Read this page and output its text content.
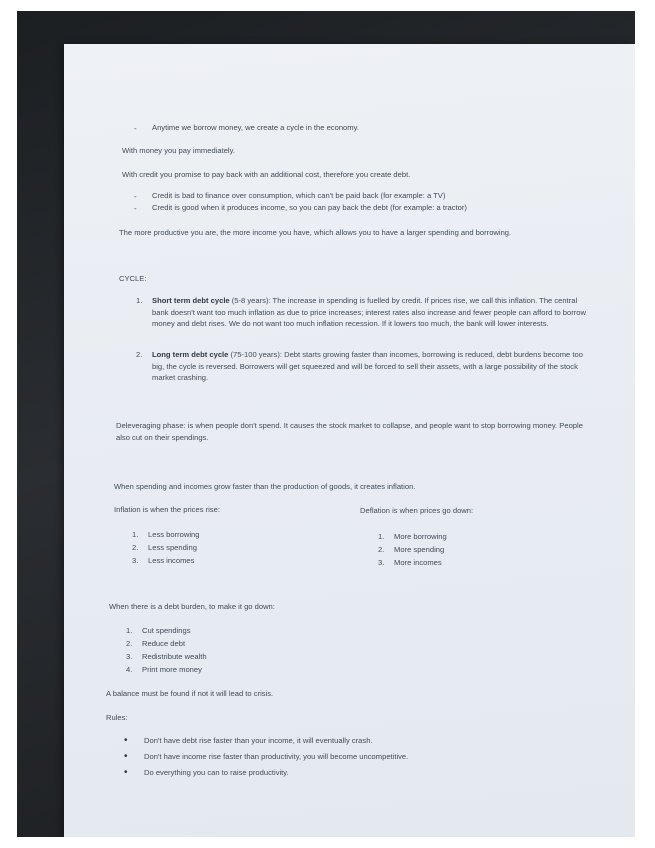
- Anytime we borrow money, we create a cycle in the economy.
With money you pay immediately.
With credit you promise to pay back with an additional cost, therefore you create debt.
- Credit is bad to finance over consumption, which can't be paid back (for example: a TV)
- Credit is good when it produces income, so you can pay back the debt (for example: a tractor)
The more productive you are, the more income you have, which allows you to have a larger spending and borrowing.
CYCLE:
1. Short term debt cycle (5-8 years): The increase in spending is fuelled by credit. If prices rise, we call this inflation. The central bank doesn't want too much inflation as due to price increases; interest rates also increase and fewer people can afford to borrow money and debt rises. We do not want too much inflation recession. If it lowers too much, the bank will lower interests.
2. Long term debt cycle (75-100 years): Debt starts growing faster than incomes, borrowing is reduced, debt burdens become too big, the cycle is reversed. Borrowers will get squeezed and will be forced to sell their assets, with a large possibility of the stock market crashing.
Deleveraging phase: is when people don't spend. It causes the stock market to collapse, and people want to stop borrowing money. People also cut on their spendings.
When spending and incomes grow faster than the production of goods, it creates inflation.
Inflation is when the prices rise:	Deflation is when prices go down:
1. Less borrowing
2. Less spending
3. Less incomes
1. More borrowing
2. More spending
3. More incomes
When there is a debt burden, to make it go down:
1. Cut spendings
2. Reduce debt
3. Redistribute wealth
4. Print more money
A balance must be found if not it will lead to crisis.
Rules:
• Don't have debt rise faster than your income, it will eventually crash.
• Don't have income rise faster than productivity, you will become uncompetitive.
• Do everything you can to raise productivity.
